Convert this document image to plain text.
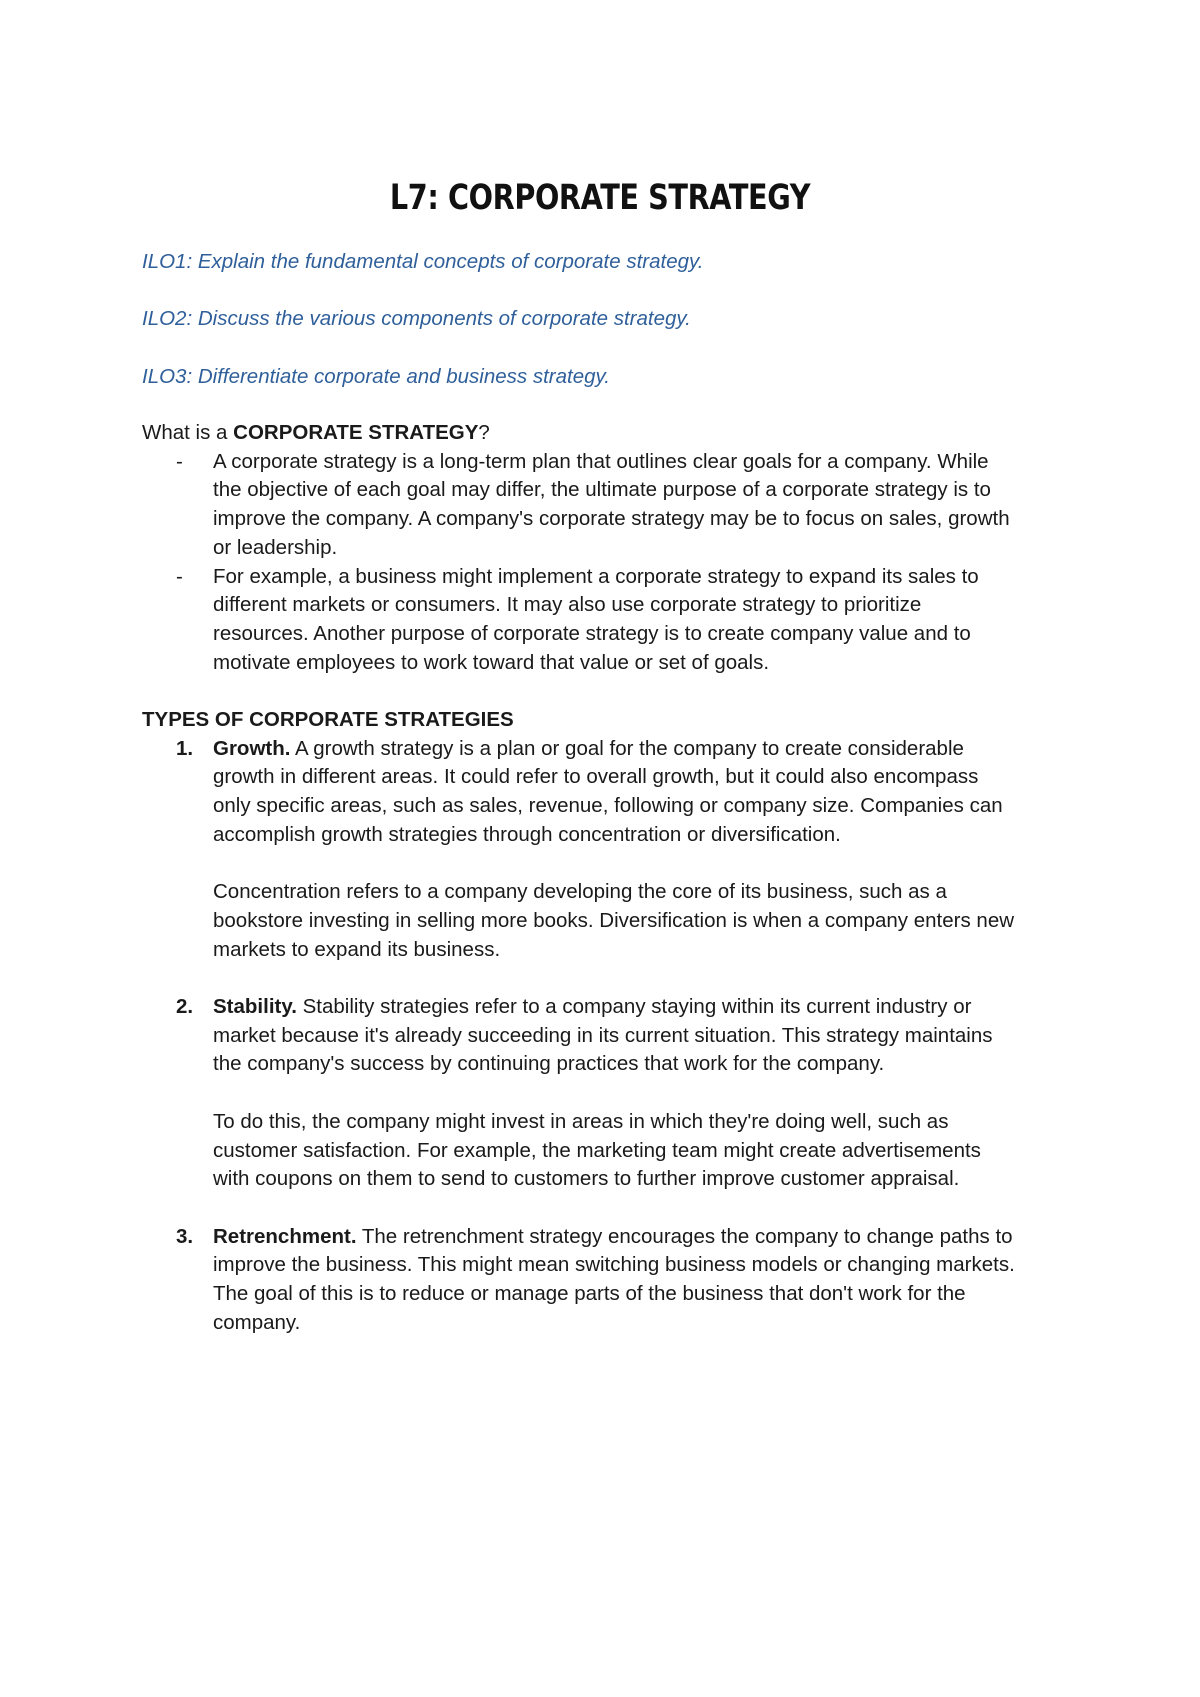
L7: CORPORATE STRATEGY
ILO1: Explain the fundamental concepts of corporate strategy.
ILO2: Discuss the various components of corporate strategy.
ILO3: Differentiate corporate and business strategy.
What is a CORPORATE STRATEGY?
- A corporate strategy is a long-term plan that outlines clear goals for a company. While
the objective of each goal may differ, the ultimate purpose of a corporate strategy is to
improve the company. A company's corporate strategy may be to focus on sales, growth
or leadership.
- For example, a business might implement a corporate strategy to expand its sales to
different markets or consumers. It may also use corporate strategy to prioritize
resources. Another purpose of corporate strategy is to create company value and to
motivate employees to work toward that value or set of goals.
TYPES OF CORPORATE STRATEGIES
1. Growth. A growth strategy is a plan or goal for the company to create considerable
growth in different areas. It could refer to overall growth, but it could also encompass
only specific areas, such as sales, revenue, following or company size. Companies can
accomplish growth strategies through concentration or diversification.
Concentration refers to a company developing the core of its business, such as a
bookstore investing in selling more books. Diversification is when a company enters new
markets to expand its business.
2. Stability. Stability strategies refer to a company staying within its current industry or
market because it's already succeeding in its current situation. This strategy maintains
the company's success by continuing practices that work for the company.
To do this, the company might invest in areas in which they're doing well, such as
customer satisfaction. For example, the marketing team might create advertisements
with coupons on them to send to customers to further improve customer appraisal.
3. Retrenchment. The retrenchment strategy encourages the company to change paths to
improve the business. This might mean switching business models or changing markets.
The goal of this is to reduce or manage parts of the business that don't work for the
company.
